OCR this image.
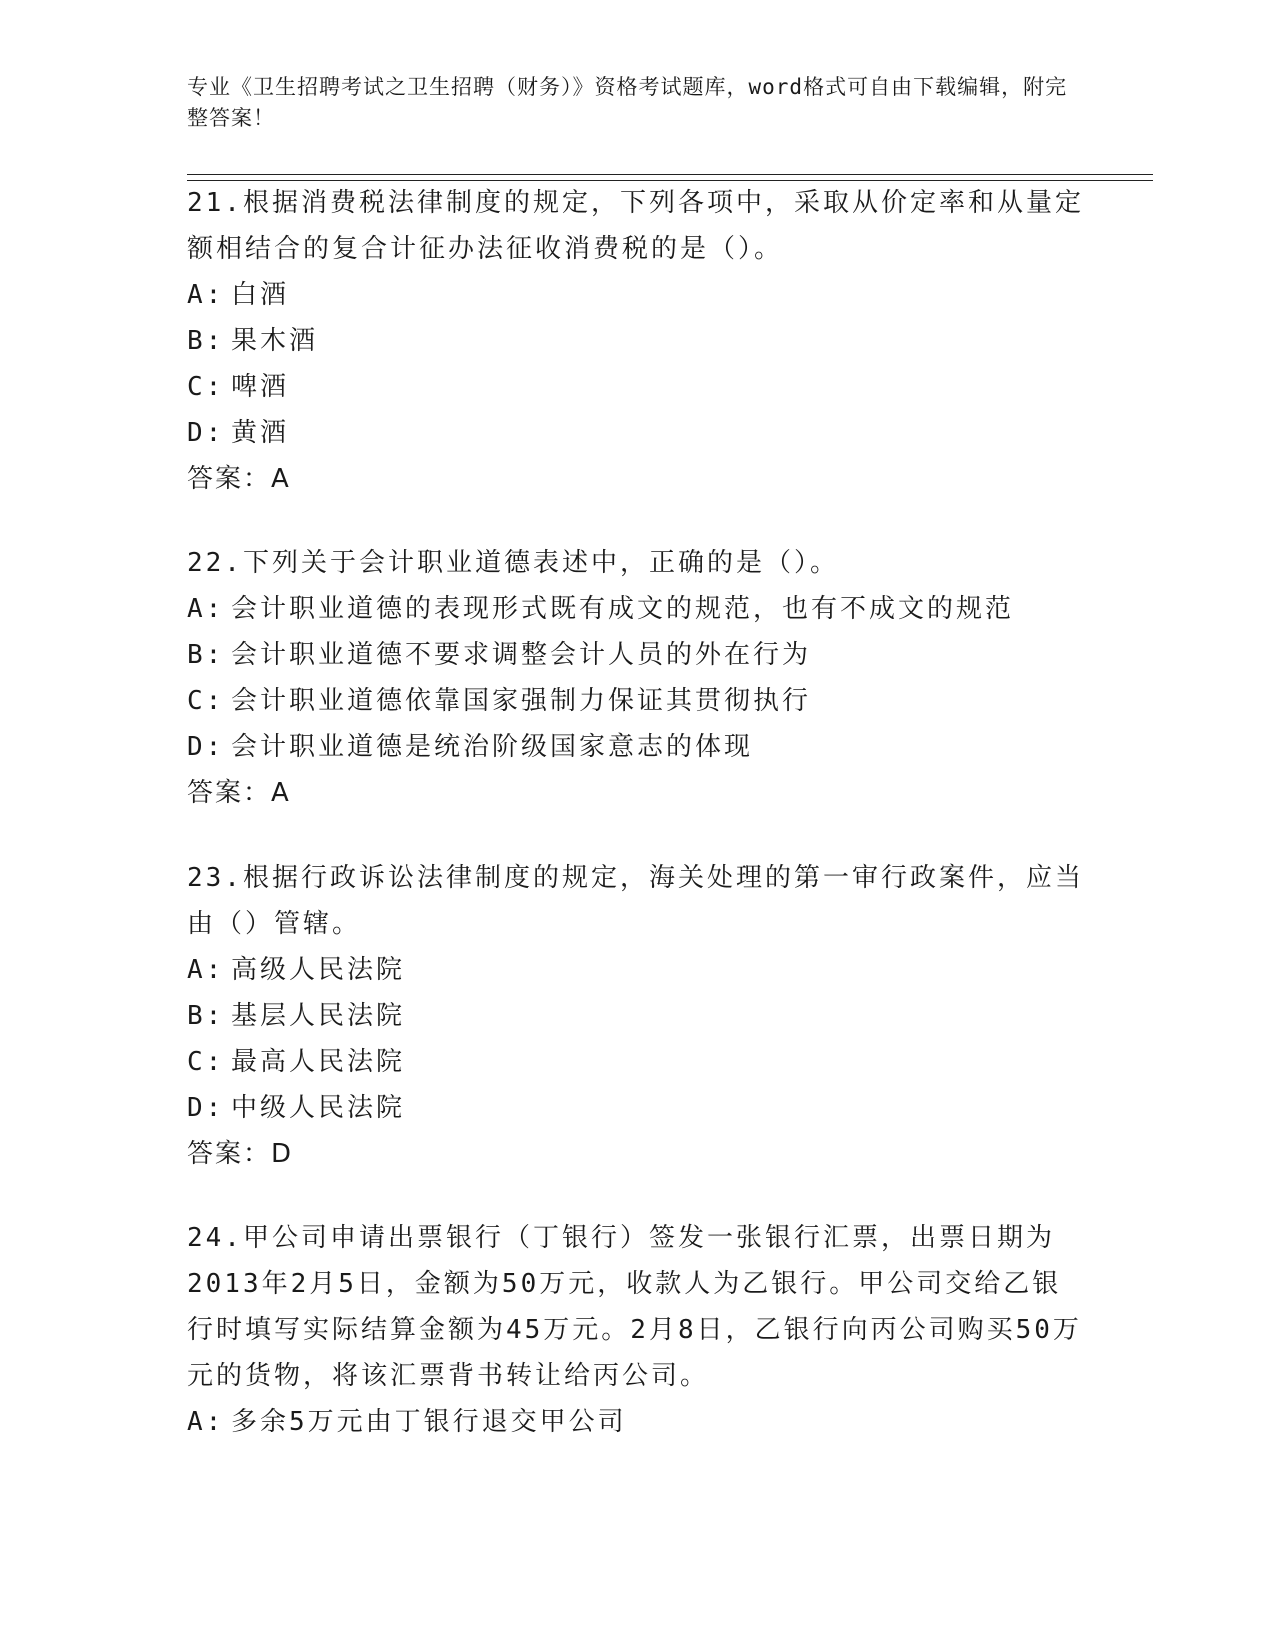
专业《卫生招聘考试之卫生招聘（财务）》资格考试题库，word格式可自由下载编辑，附完整答案！

21.根据消费税法律制度的规定，下列各项中，采取从价定率和从量定额相结合的复合计征办法征收消费税的是（）。

A: 白酒

B: 果木酒

C: 啤酒

D: 黄酒

答案：A

22.下列关于会计职业道德表述中，正确的是（）。

A: 会计职业道德的表现形式既有成文的规范，也有不成文的规范

B: 会计职业道德不要求调整会计人员的外在行为

C: 会计职业道德依靠国家强制力保证其贯彻执行

D: 会计职业道德是统治阶级国家意志的体现

答案：A

23.根据行政诉讼法律制度的规定，海关处理的第一审行政案件，应当由（）管辖。

A: 高级人民法院

B: 基层人民法院

C: 最高人民法院

D: 中级人民法院

答案：D

24.甲公司申请出票银行（丁银行）签发一张银行汇票，出票日期为2013年2月5日，金额为50万元，收款人为乙银行。甲公司交给乙银行时填写实际结算金额为45万元。2月8日，乙银行向丙公司购买50万元的货物，将该汇票背书转让给丙公司。

A: 多余5万元由丁银行退交甲公司
